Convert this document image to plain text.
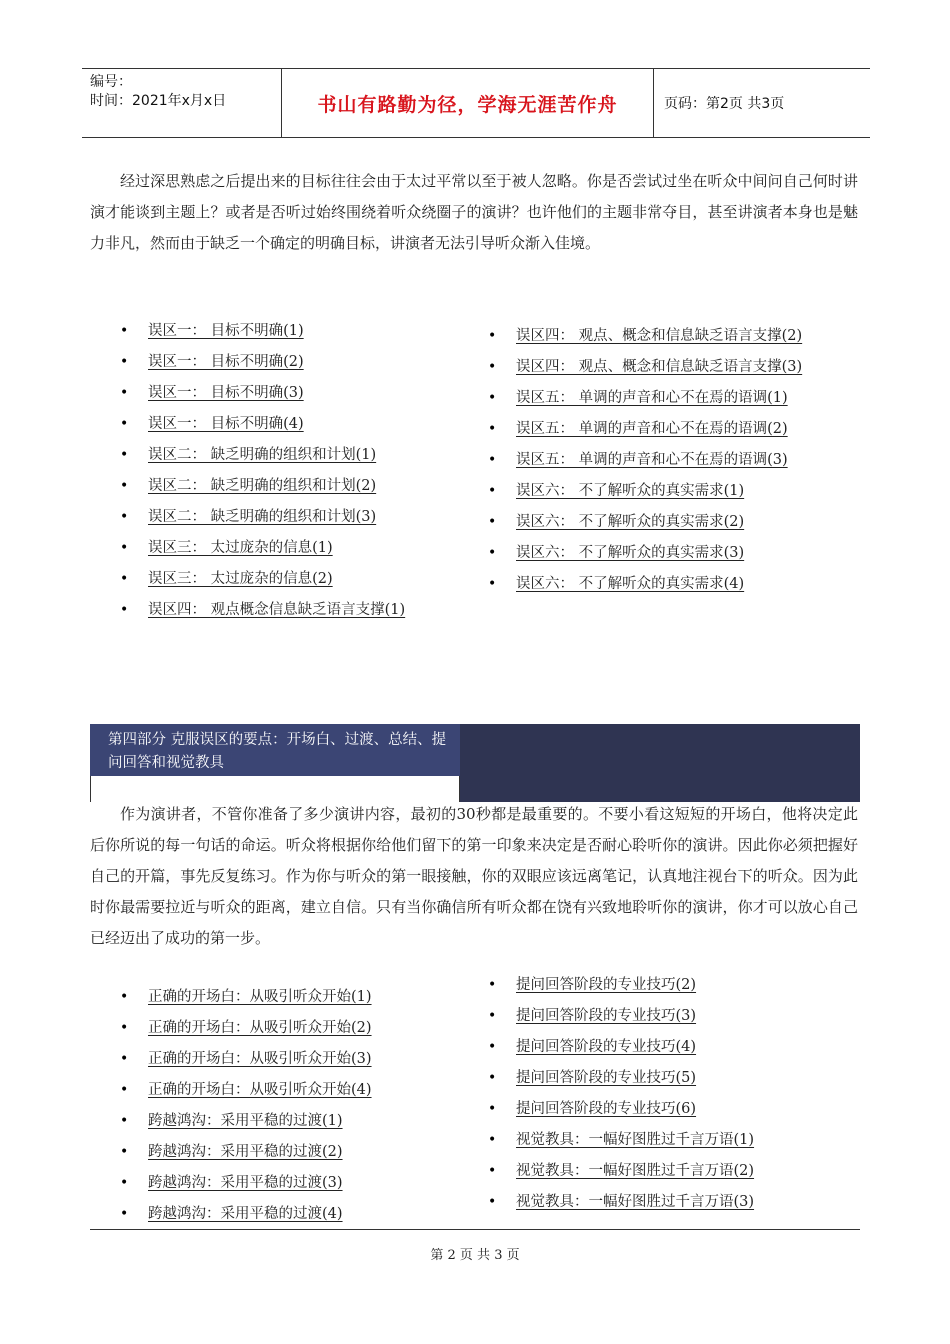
编号：
时间：2021年x月x日	书山有路勤为径，学海无涯苦作舟	页码：第2页 共3页

经过深思熟虑之后提出来的目标往往会由于太过平常以至于被人忽略。你是否尝试过坐在听众中间问自己何时讲演才能谈到主题上？或者是否听过始终围绕着听众绕圈子的演讲？也许他们的主题非常夺目，甚至讲演者本身也是魅力非凡，然而由于缺乏一个确定的明确目标，讲演者无法引导听众渐入佳境。

• 误区一： 目标不明确(1)
• 误区一： 目标不明确(2)
• 误区一： 目标不明确(3)
• 误区一： 目标不明确(4)
• 误区二： 缺乏明确的组织和计划(1)
• 误区二： 缺乏明确的组织和计划(2)
• 误区二： 缺乏明确的组织和计划(3)
• 误区三： 太过庞杂的信息(1)
• 误区三： 太过庞杂的信息(2)
• 误区四： 观点概念信息缺乏语言支撑(1)
• 误区四： 观点、概念和信息缺乏语言支撑(2)
• 误区四： 观点、概念和信息缺乏语言支撑(3)
• 误区五： 单调的声音和心不在焉的语调(1)
• 误区五： 单调的声音和心不在焉的语调(2)
• 误区五： 单调的声音和心不在焉的语调(3)
• 误区六： 不了解听众的真实需求(1)
• 误区六： 不了解听众的真实需求(2)
• 误区六： 不了解听众的真实需求(3)
• 误区六： 不了解听众的真实需求(4)
第四部分 克服误区的要点：开场白、过渡、总结、提问回答和视觉教具

作为演讲者，不管你准备了多少演讲内容，最初的30秒都是最重要的。不要小看这短短的开场白，他将决定此后你所说的每一句话的命运。听众将根据你给他们留下的第一印象来决定是否耐心聆听你的演讲。因此你必须把握好自己的开篇，事先反复练习。作为你与听众的第一眼接触，你的双眼应该远离笔记，认真地注视台下的听众。因为此时你最需要拉近与听众的距离，建立自信。只有当你确信所有听众都在饶有兴致地聆听你的演讲，你才可以放心自己已经迈出了成功的第一步。

• 正确的开场白：从吸引听众开始(1)
• 正确的开场白：从吸引听众开始(2)
• 正确的开场白：从吸引听众开始(3)
• 正确的开场白：从吸引听众开始(4)
• 跨越鸿沟：采用平稳的过渡(1)
• 跨越鸿沟：采用平稳的过渡(2)
• 跨越鸿沟：采用平稳的过渡(3)
• 跨越鸿沟：采用平稳的过渡(4)
• 提问回答阶段的专业技巧(2)
• 提问回答阶段的专业技巧(3)
• 提问回答阶段的专业技巧(4)
• 提问回答阶段的专业技巧(5)
• 提问回答阶段的专业技巧(6)
• 视觉教具：一幅好图胜过千言万语(1)
• 视觉教具：一幅好图胜过千言万语(2)
• 视觉教具：一幅好图胜过千言万语(3)
第 2 页 共 3 页
